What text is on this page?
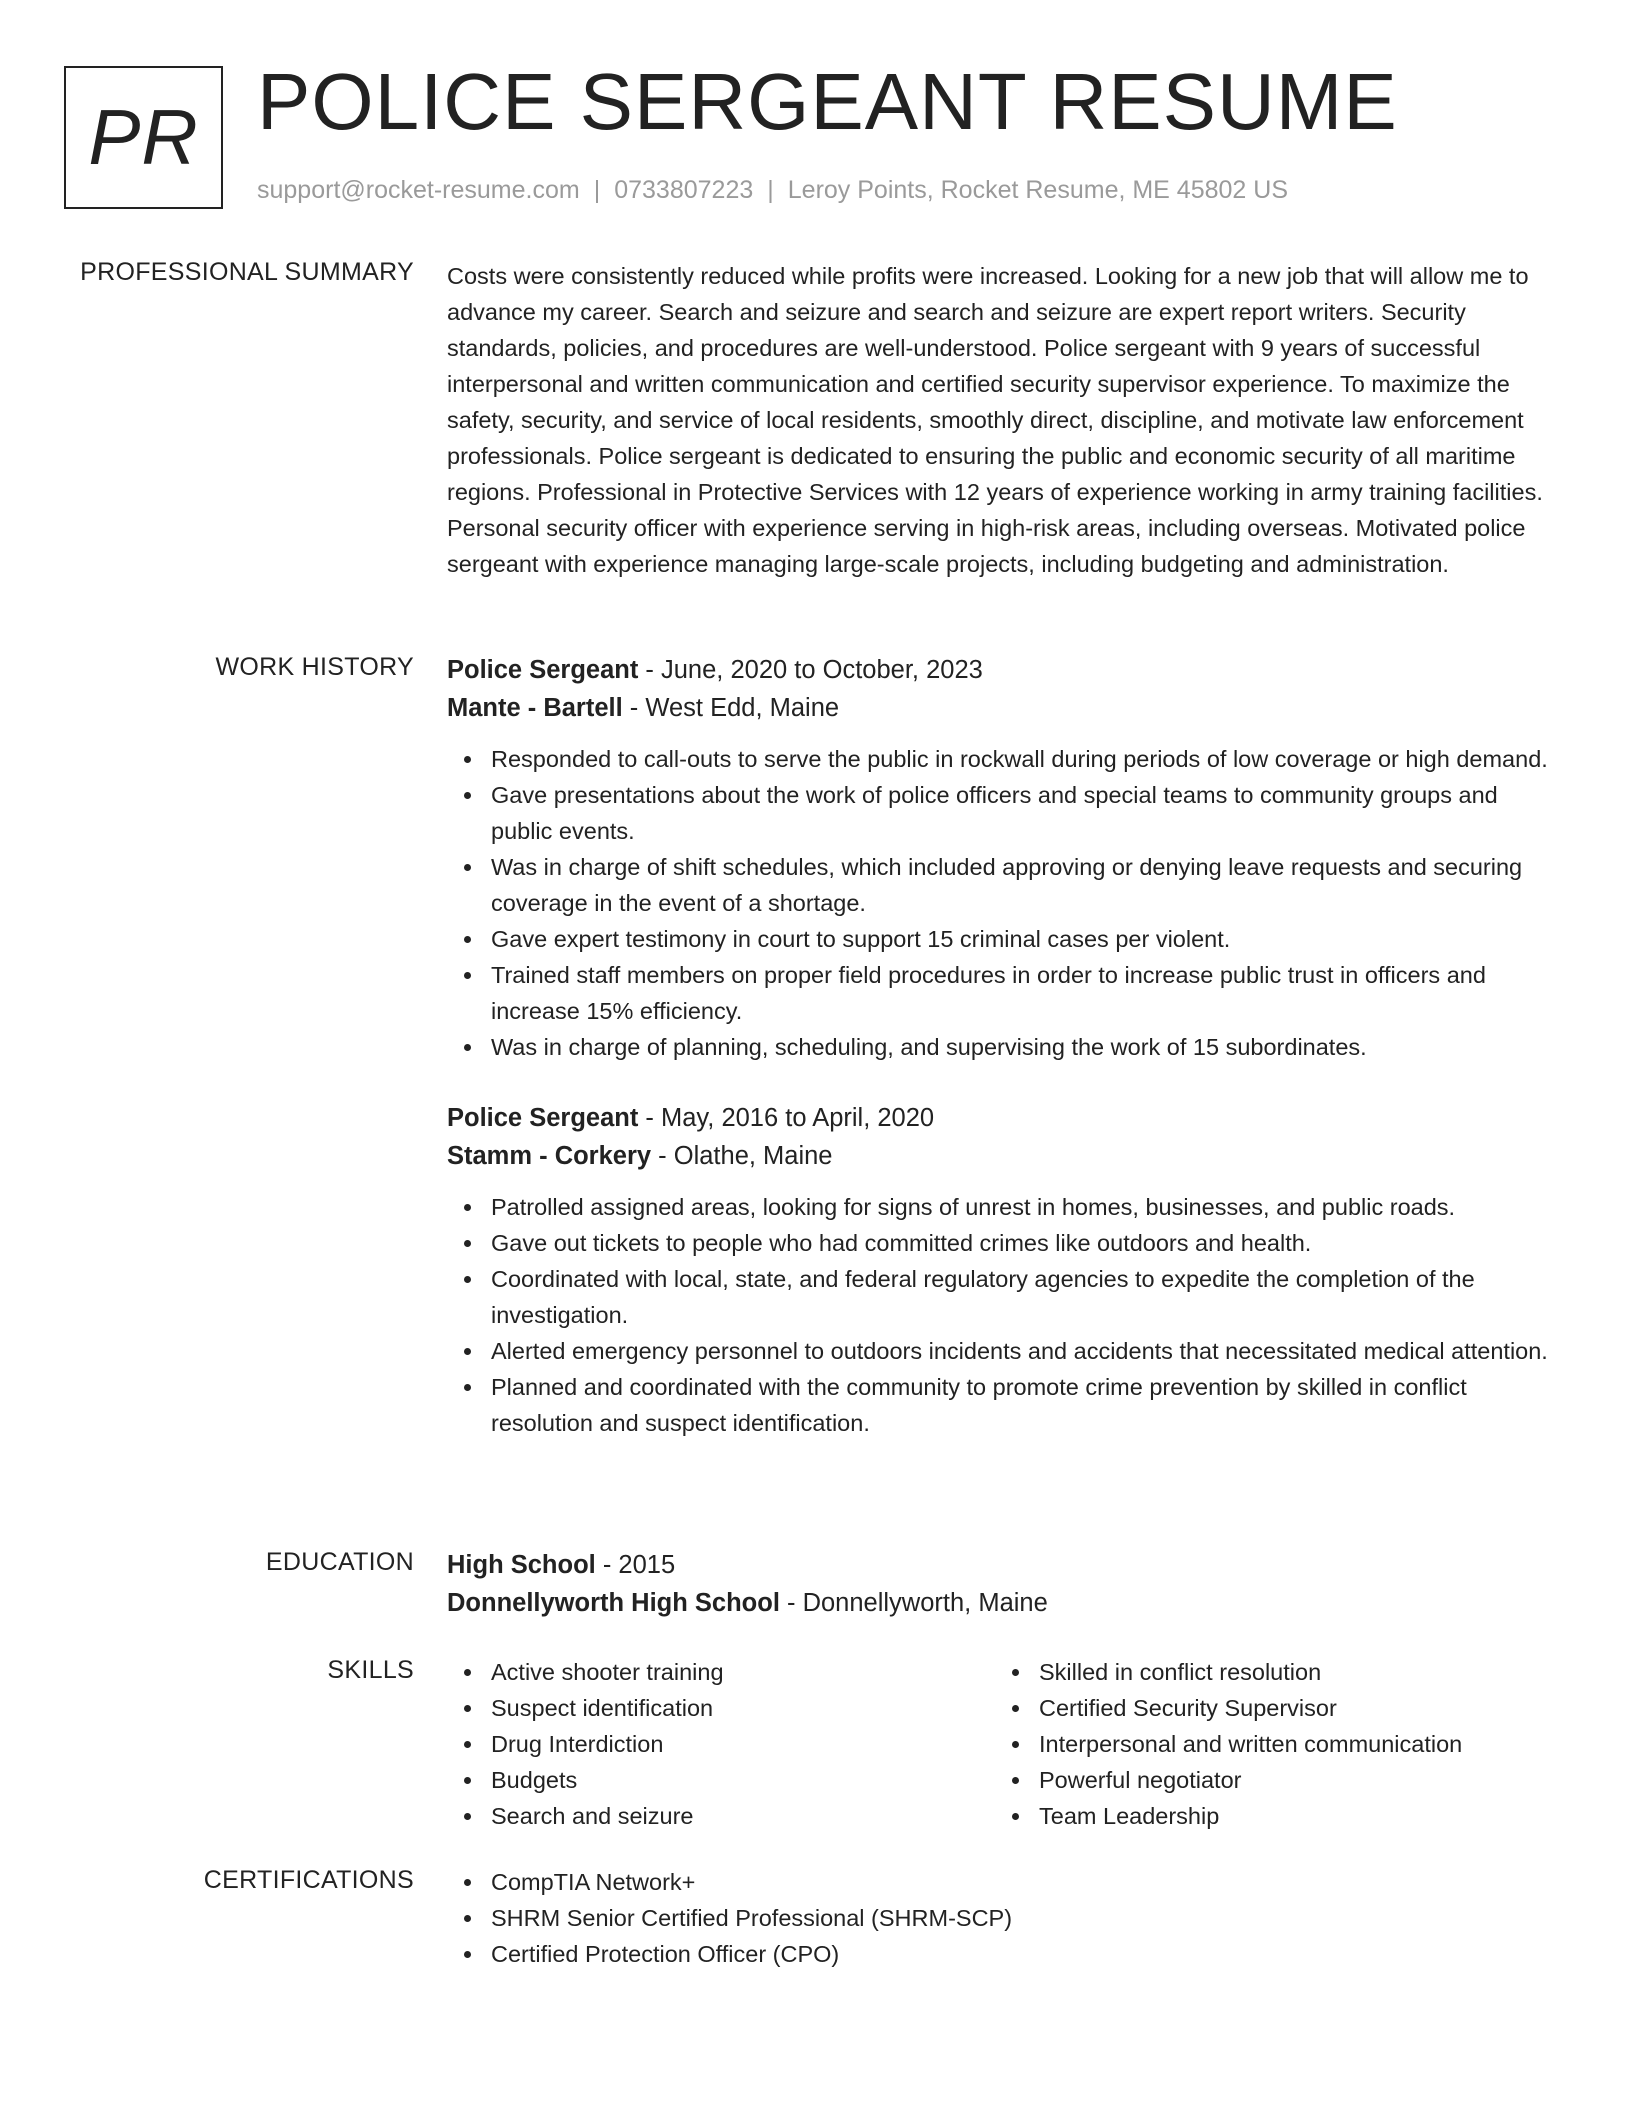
PR POLICE SERGEANT RESUME
support@rocket-resume.com | 0733807223 | Leroy Points, Rocket Resume, ME 45802 US
PROFESSIONAL SUMMARY Costs were consistently reduced while profits were increased. Looking for a new job that will allow me to advance my career. Search and seizure and search and seizure are expert report writers. Security standards, policies, and procedures are well-understood. Police sergeant with 9 years of successful interpersonal and written communication and certified security supervisor experience. To maximize the safety, security, and service of local residents, smoothly direct, discipline, and motivate law enforcement professionals. Police sergeant is dedicated to ensuring the public and economic security of all maritime regions. Professional in Protective Services with 12 years of experience working in army training facilities. Personal security officer with experience serving in high-risk areas, including overseas. Motivated police sergeant with experience managing large-scale projects, including budgeting and administration.

WORK HISTORY Police Sergeant - June, 2020 to October, 2023
Mante - Bartell - West Edd, Maine
Responded to call-outs to serve the public in rockwall during periods of low coverage or high demand.
Gave presentations about the work of police officers and special teams to community groups and public events.
Was in charge of shift schedules, which included approving or denying leave requests and securing coverage in the event of a shortage.
Gave expert testimony in court to support 15 criminal cases per violent.
Trained staff members on proper field procedures in order to increase public trust in officers and increase 15% efficiency.
Was in charge of planning, scheduling, and supervising the work of 15 subordinates.
Police Sergeant - May, 2016 to April, 2020
Stamm - Corkery - Olathe, Maine
Patrolled assigned areas, looking for signs of unrest in homes, businesses, and public roads.
Gave out tickets to people who had committed crimes like outdoors and health.
Coordinated with local, state, and federal regulatory agencies to expedite the completion of the investigation.
Alerted emergency personnel to outdoors incidents and accidents that necessitated medical attention.
Planned and coordinated with the community to promote crime prevention by skilled in conflict resolution and suspect identification.
EDUCATION High School - 2015
Donnellyworth High School - Donnellyworth, Maine
SKILLS	Active shooter training
Suspect identification
Drug Interdiction
Budgets
Search and seizure
Skilled in conflict resolution
Certified Security Supervisor
Interpersonal and written communication
Powerful negotiator
Team Leadership
CERTIFICATIONS	CompTIA Network+
SHRM Senior Certified Professional (SHRM-SCP)
Certified Protection Officer (CPO)
